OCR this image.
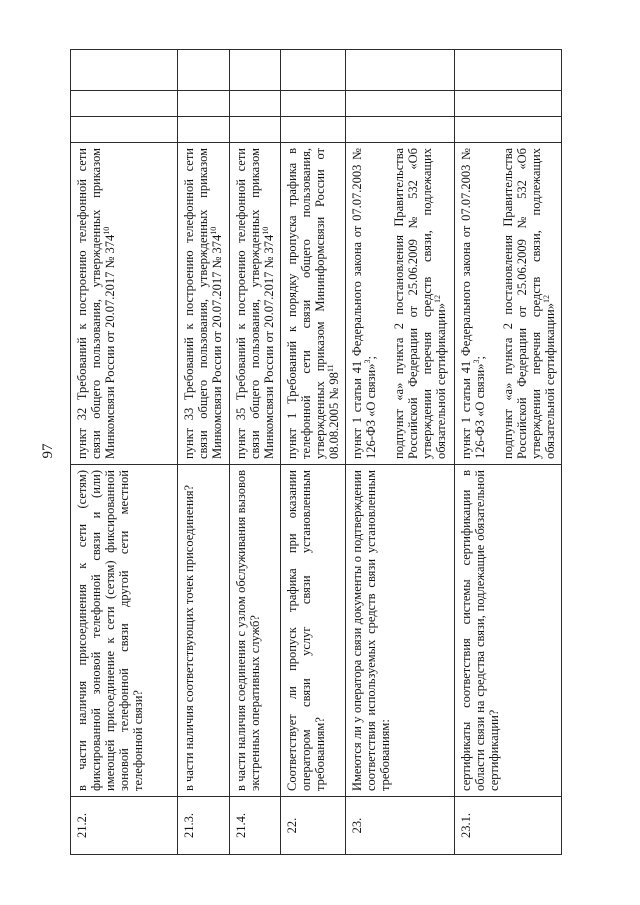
97
21.2.	в части наличия присоединения к сети (сетям) фиксированной зоновой телефонной связи и (или) имеющей присоединение к сети (сетям) фиксированной зоновой телефонной связи другой сети местной телефонной связи?	пункт 32 Требований к построению телефонной сети связи общего пользования, утвержденных приказом Минкомсвязи России от 20.07.2017 № $374^{10}$

21.3.	в части наличия соответствующих точек присоединения?	пункт 33 Требований к построению телефонной сети связи общего пользования, утвержденных приказом Минкомсвязи России от 20.07.2017 № $374^{10}$

21.4.	в части наличия соединения с узлом обслуживания вызовов экстренных оперативных служб?	пункт 35 Требований к построению телефонной сети связи общего пользования, утвержденных приказом Минкомсвязи России от 20.07.2017 № $374^{10}$

22.	Соответствует ли пропуск трафика при оказании оператором связи услуг связи установленным требованиям?	пункт 1 Требований к порядку пропуска трафика в телефонной сети связи общего пользования, утвержденных приказом Мининформсвязи России от 08.08.2005 № $98^{11}$

23.	Имеются ли у оператора связи документы о подтверждении соответствия используемых средств связи установленным требованиям:	пункт 1 статьи 41 Федерального закона от 07.07.2003 № 126-ФЗ «О связи»$^3$; подпункт «а» пункта 2 постановления Правительства Российской Федерации от 25.06.2009 № 532 «Об утверждении перечня средств связи, подлежащих обязательной сертификации»$^{12}$

23.1.	сертификаты соответствия системы сертификации в области связи на средства связи, подлежащие обязательной сертификации?	пункт 1 статьи 41 Федерального закона от 07.07.2003 № 126-ФЗ «О связи»$^3$; подпункт «а» пункта 2 постановления Правительства Российской Федерации от 25.06.2009 № 532 «Об утверждении перечня средств связи, подлежащих обязательной сертификации»$^{12}$
